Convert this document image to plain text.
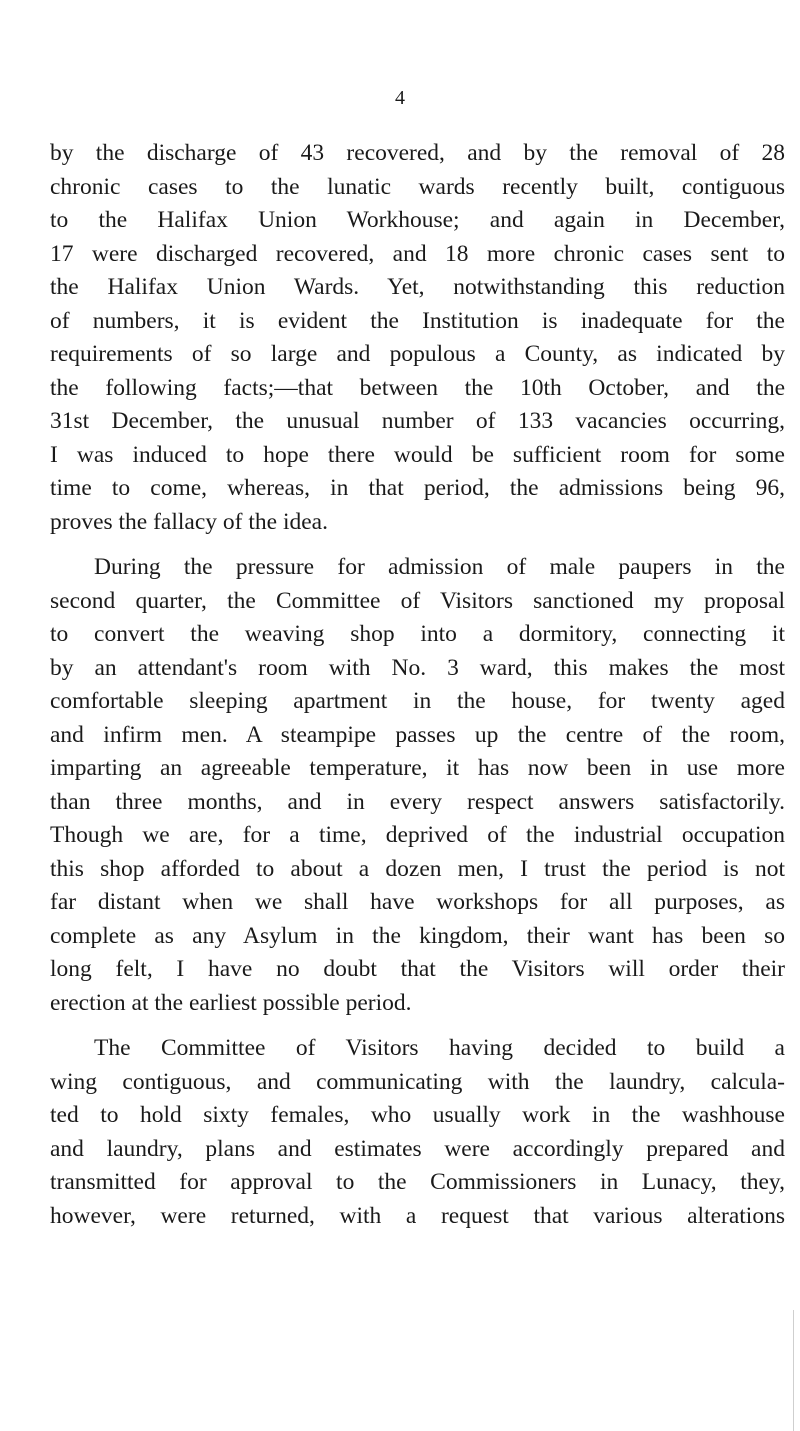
4
by the discharge of 43 recovered, and by the removal of 28
chronic cases to the lunatic wards recently built, contiguous
to the Halifax Union Workhouse; and again in December,
17 were discharged recovered, and 18 more chronic cases sent to
the Halifax Union Wards. Yet, notwithstanding this reduction
of numbers, it is evident the Institution is inadequate for the
requirements of so large and populous a County, as indicated by
the following facts;—that between the 10th October, and the
31st December, the unusual number of 133 vacancies occurring,
I was induced to hope there would be sufficient room for some
time to come, whereas, in that period, the admissions being 96,
proves the fallacy of the idea.
During the pressure for admission of male paupers in the
second quarter, the Committee of Visitors sanctioned my proposal
to convert the weaving shop into a dormitory, connecting it
by an attendant's room with No. 3 ward, this makes the most
comfortable sleeping apartment in the house, for twenty aged
and infirm men. A steampipe passes up the centre of the room,
imparting an agreeable temperature, it has now been in use more
than three months, and in every respect answers satisfactorily.
Though we are, for a time, deprived of the industrial occupation
this shop afforded to about a dozen men, I trust the period is not
far distant when we shall have workshops for all purposes, as
complete as any Asylum in the kingdom, their want has been so
long felt, I have no doubt that the Visitors will order their
erection at the earliest possible period.
The Committee of Visitors having decided to build a
wing contiguous, and communicating with the laundry, calcula-
ted to hold sixty females, who usually work in the washhouse
and laundry, plans and estimates were accordingly prepared and
transmitted for approval to the Commissioners in Lunacy, they,
however, were returned, with a request that various alterations
